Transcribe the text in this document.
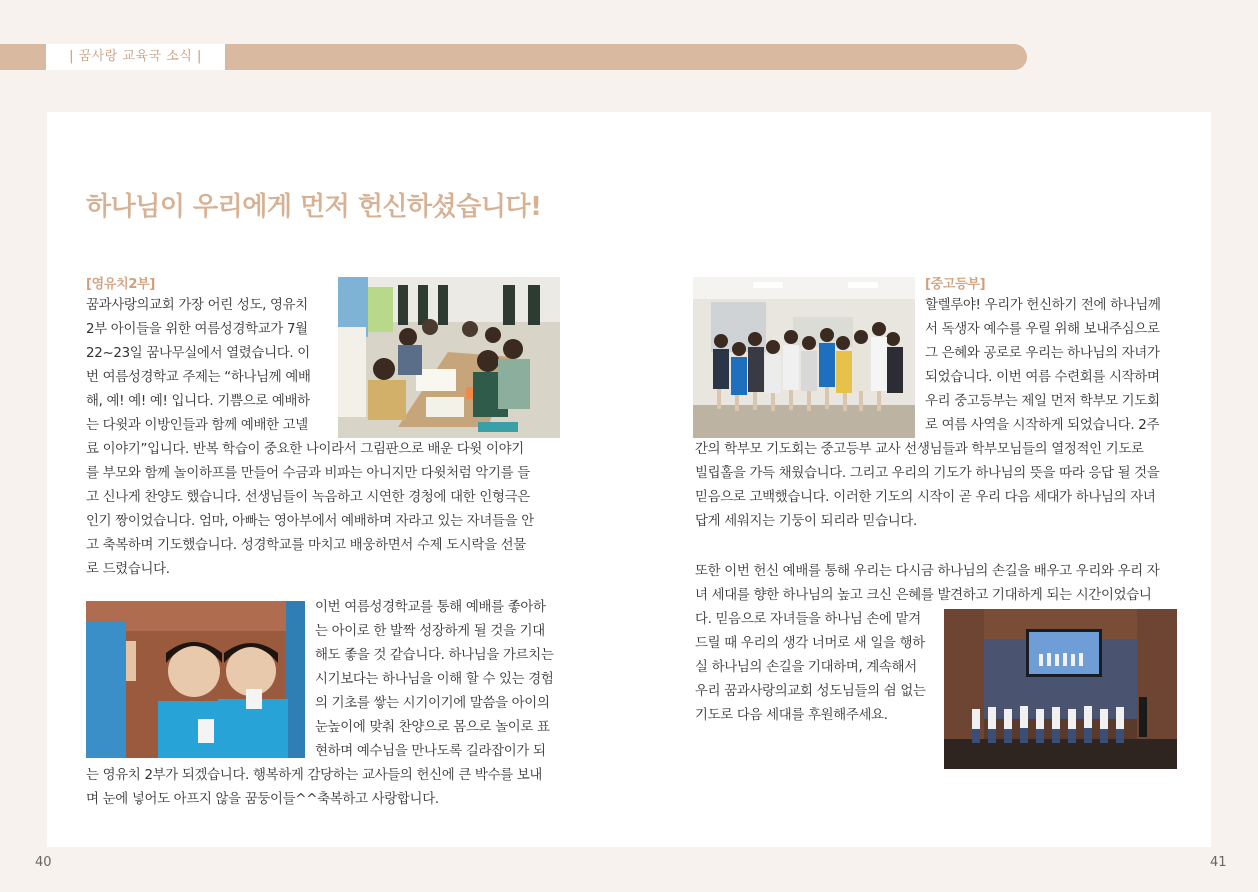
| 꿈사랑 교육국 소식 |
하나님이 우리에게 먼저 헌신하셨습니다!
[영유치2부]

꿈과사랑의교회 가장 어린 성도, 영유치

2부 아이들을 위한 여름성경학교가 7월

22~23일 꿈나무실에서 열렸습니다. 이

번 여름성경학교 주제는 “하나님께 예배

해, 예! 예! 예! 입니다. 기쁨으로 예배하

는 다윗과 이방인들과 함께 예배한 고넬

료 이야기”입니다. 반복 학습이 중요한 나이라서 그림판으로 배운 다윗 이야기

를 부모와 함께 놀이하프를 만들어 수금과 비파는 아니지만 다윗처럼 악기를 들

고 신나게 찬양도 했습니다. 선생님들이 녹음하고 시연한 경청에 대한 인형극은

인기 짱이었습니다. 엄마, 아빠는 영아부에서 예배하며 자라고 있는 자녀들을 안

고 축복하며 기도했습니다. 성경학교를 마치고 배웅하면서 수제 도시락을 선물

로 드렸습니다.

이번 여름성경학교를 통해 예배를 좋아하

는 아이로 한 발짝 성장하게 될 것을 기대

해도 좋을 것 같습니다. 하나님을 가르치는

시기보다는 하나님을 이해 할 수 있는 경험

의 기초를 쌓는 시기이기에 말씀을 아이의

눈높이에 맞춰 찬양으로 몸으로 놀이로 표

현하며 예수님을 만나도록 길라잡이가 되

는 영유치 2부가 되겠습니다. 행복하게 감당하는 교사들의 헌신에 큰 박수를 보내

며 눈에 넣어도 아프지 않을 꿈둥이들^^축복하고 사랑합니다.

[중고등부]

할렐루야! 우리가 헌신하기 전에 하나님께

서 독생자 예수를 우릴 위해 보내주심으로

그 은혜와 공로로 우리는 하나님의 자녀가

되었습니다. 이번 여름 수련회를 시작하며

우리 중고등부는 제일 먼저 학부모 기도회

로 여름 사역을 시작하게 되었습니다. 2주

간의 학부모 기도회는 중고등부 교사 선생님들과 학부모님들의 열정적인 기도로

빌립홀을 가득 채웠습니다. 그리고 우리의 기도가 하나님의 뜻을 따라 응답 될 것을

믿음으로 고백했습니다. 이러한 기도의 시작이 곧 우리 다음 세대가 하나님의 자녀

답게 세워지는 기둥이 되리라 믿습니다.

또한 이번 헌신 예배를 통해 우리는 다시금 하나님의 손길을 배우고 우리와 우리 자

녀 세대를 향한 하나님의 높고 크신 은혜를 발견하고 기대하게 되는 시간이었습니

다. 믿음으로 자녀들을 하나님 손에 맡겨

드릴 때 우리의 생각 너머로 새 일을 행하

실 하나님의 손길을 기대하며, 계속해서

우리 꿈과사랑의교회 성도님들의 쉼 없는

기도로 다음 세대를 후원해주세요.

40	41
